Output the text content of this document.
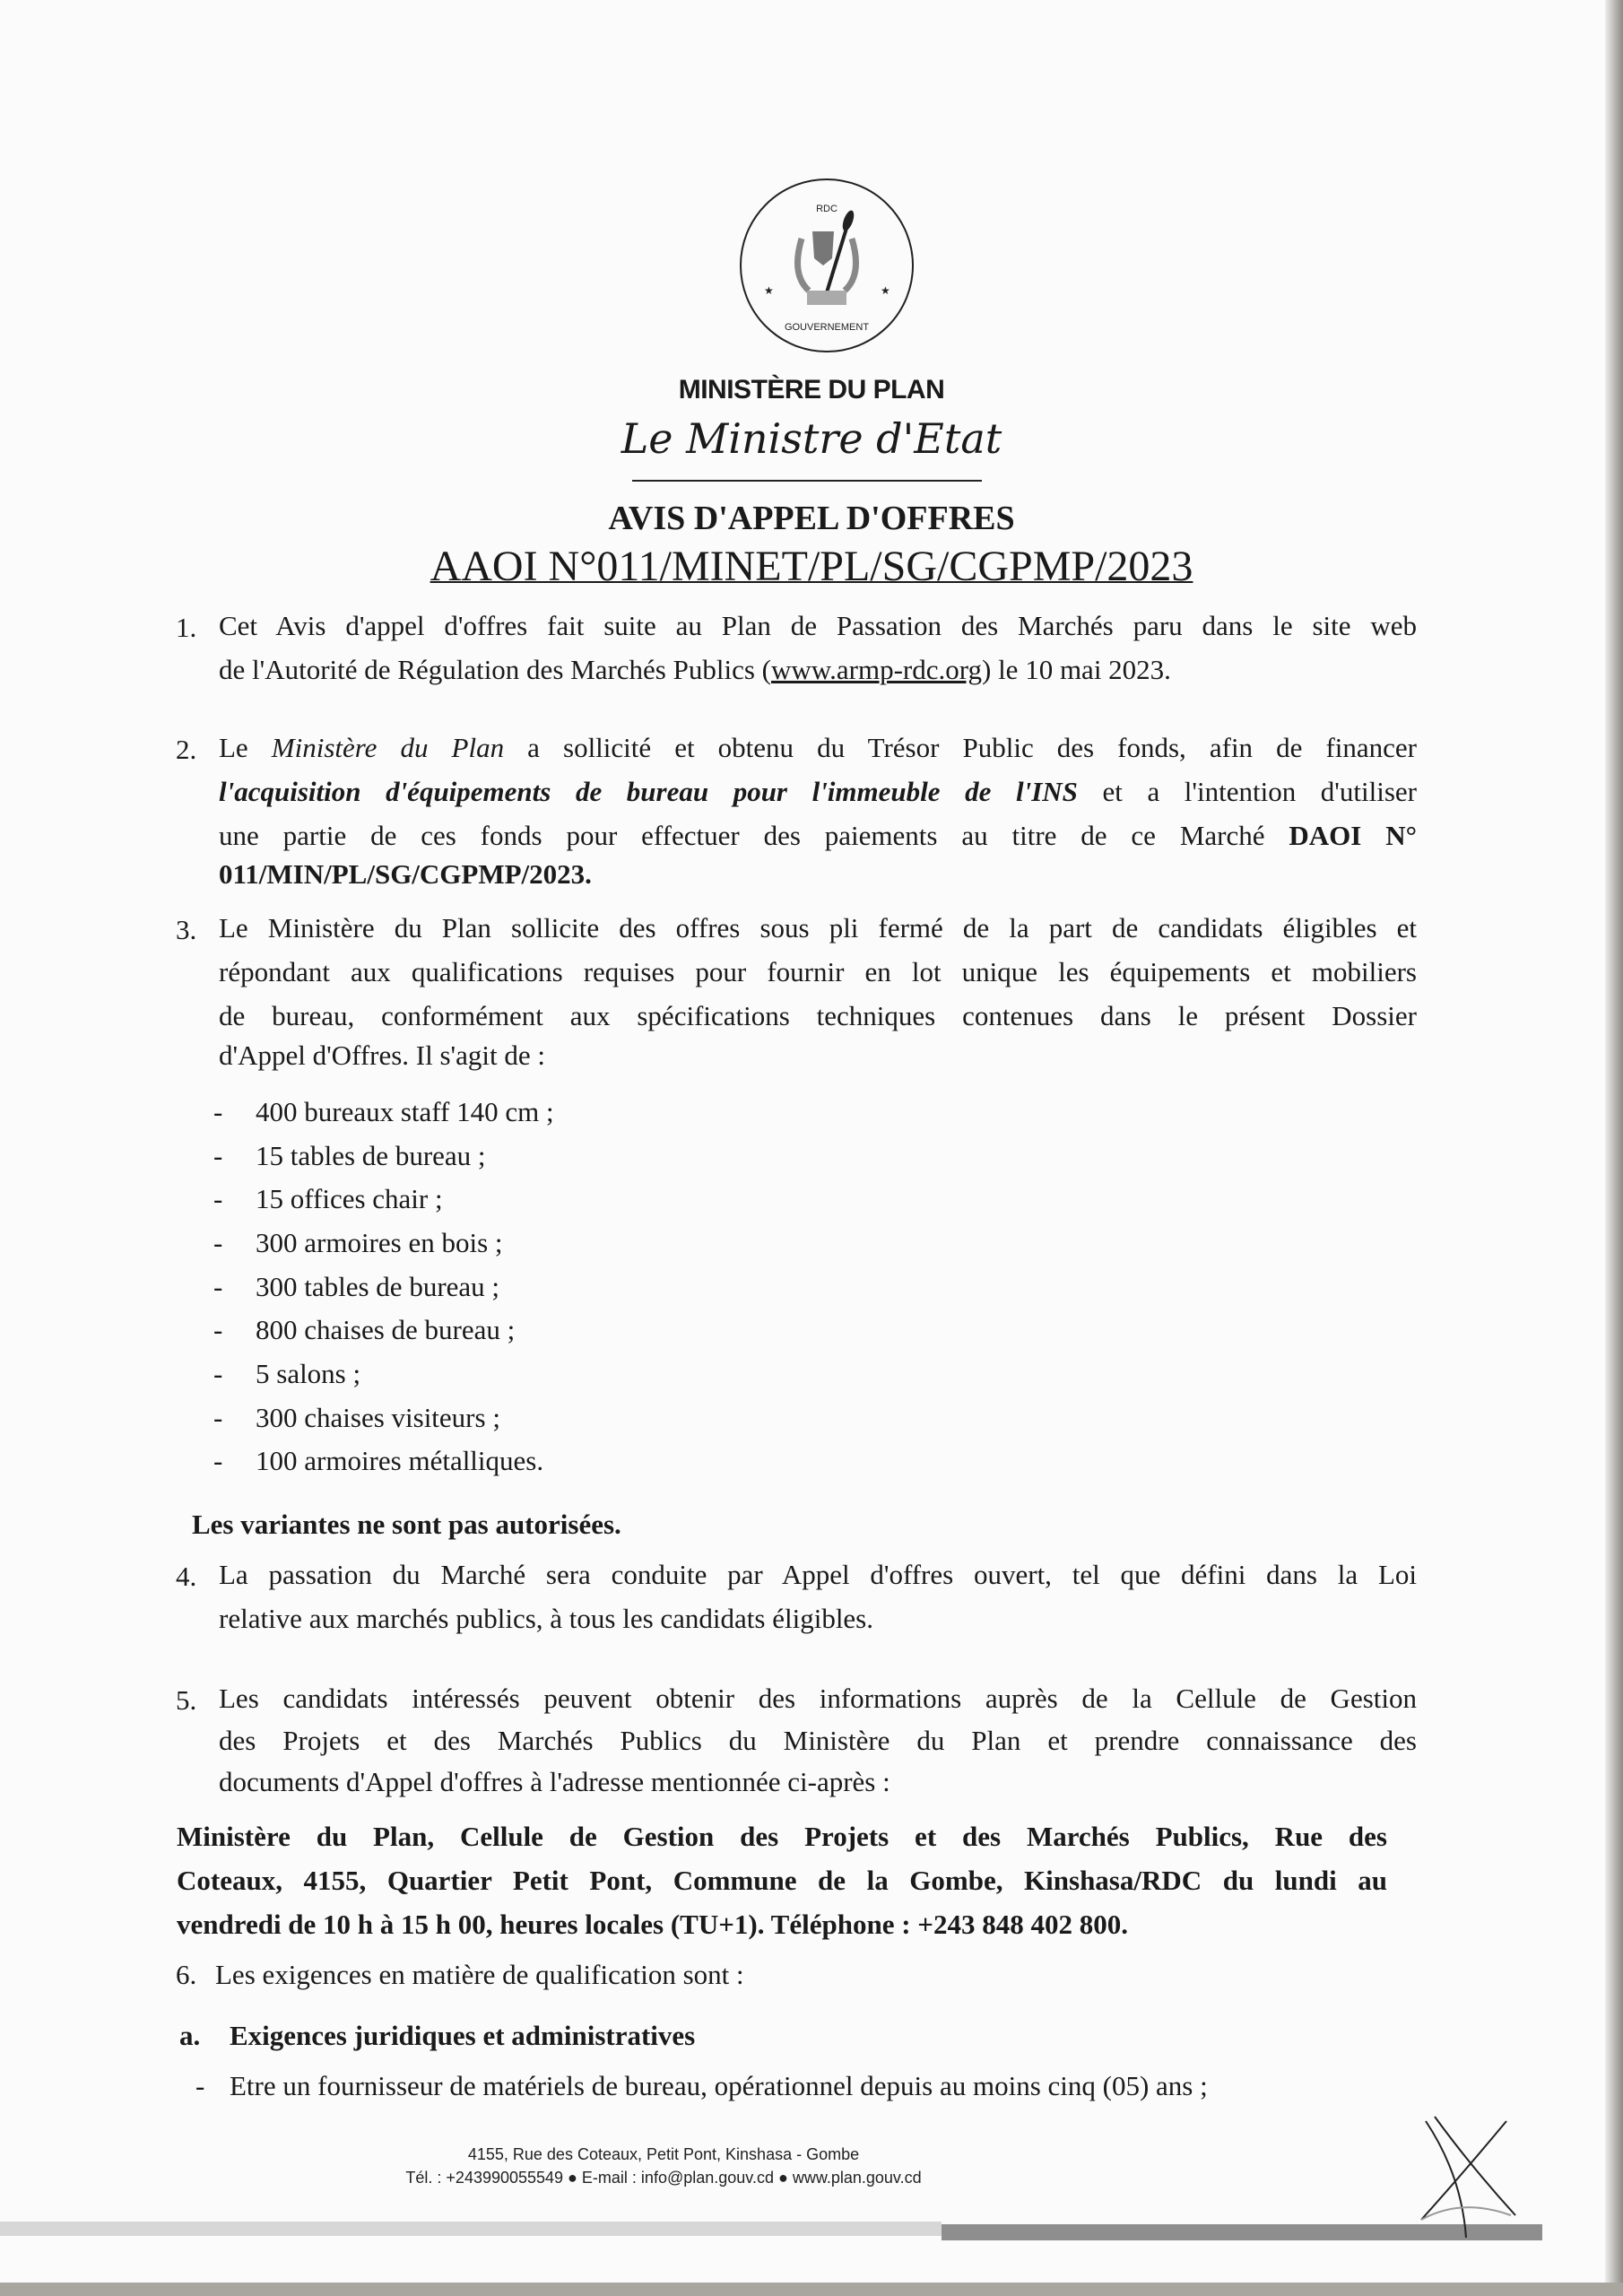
★	★
RDC
GOUVERNEMENT
MINISTÈRE DU PLAN
Le Ministre d'Etat
AVIS D'APPEL D'OFFRES
AAOI N°011/MINET/PL/SG/CGPMP/2023
1. Cet Avis d'appel d'offres fait suite au Plan de Passation des Marchés paru dans le site web
de l'Autorité de Régulation des Marchés Publics (www.armp-rdc.org) le 10 mai 2023.
2. Le Ministère du Plan a sollicité et obtenu du Trésor Public des fonds, afin de financer
l'acquisition d'équipements de bureau pour l'immeuble de l'INS et a l'intention d'utiliser
une partie de ces fonds pour effectuer des paiements au titre de ce Marché DAOI N°
011/MIN/PL/SG/CGPMP/2023.
3. Le Ministère du Plan sollicite des offres sous pli fermé de la part de candidats éligibles et
répondant aux qualifications requises pour fournir en lot unique les équipements et mobiliers
de bureau, conformément aux spécifications techniques contenues dans le présent Dossier
d'Appel d'Offres. Il s'agit de :
- 400 bureaux staff 140 cm ;
- 15 tables de bureau ;
- 15 offices chair ;
- 300 armoires en bois ;
- 300 tables de bureau ;
- 800 chaises de bureau ;
- 5 salons ;
- 300 chaises visiteurs ;
- 100 armoires métalliques.
Les variantes ne sont pas autorisées.
4. La passation du Marché sera conduite par Appel d'offres ouvert, tel que défini dans la Loi
relative aux marchés publics, à tous les candidats éligibles.
5. Les candidats intéressés peuvent obtenir des informations auprès de la Cellule de Gestion
des Projets et des Marchés Publics du Ministère du Plan et prendre connaissance des
documents d'Appel d'offres à l'adresse mentionnée ci-après :
Ministère du Plan, Cellule de Gestion des Projets et des Marchés Publics, Rue des
Coteaux, 4155, Quartier Petit Pont, Commune de la Gombe, Kinshasa/RDC du lundi au
vendredi de 10 h à 15 h 00, heures locales (TU+1). Téléphone : +243 848 402 800.
6. Les exigences en matière de qualification sont :
a. Exigences juridiques et administratives
- Etre un fournisseur de matériels de bureau, opérationnel depuis au moins cinq (05) ans ;
4155, Rue des Coteaux, Petit Pont, Kinshasa - Gombe
Tél. : +243990055549 ● E-mail : info@plan.gouv.cd ● www.plan.gouv.cd
